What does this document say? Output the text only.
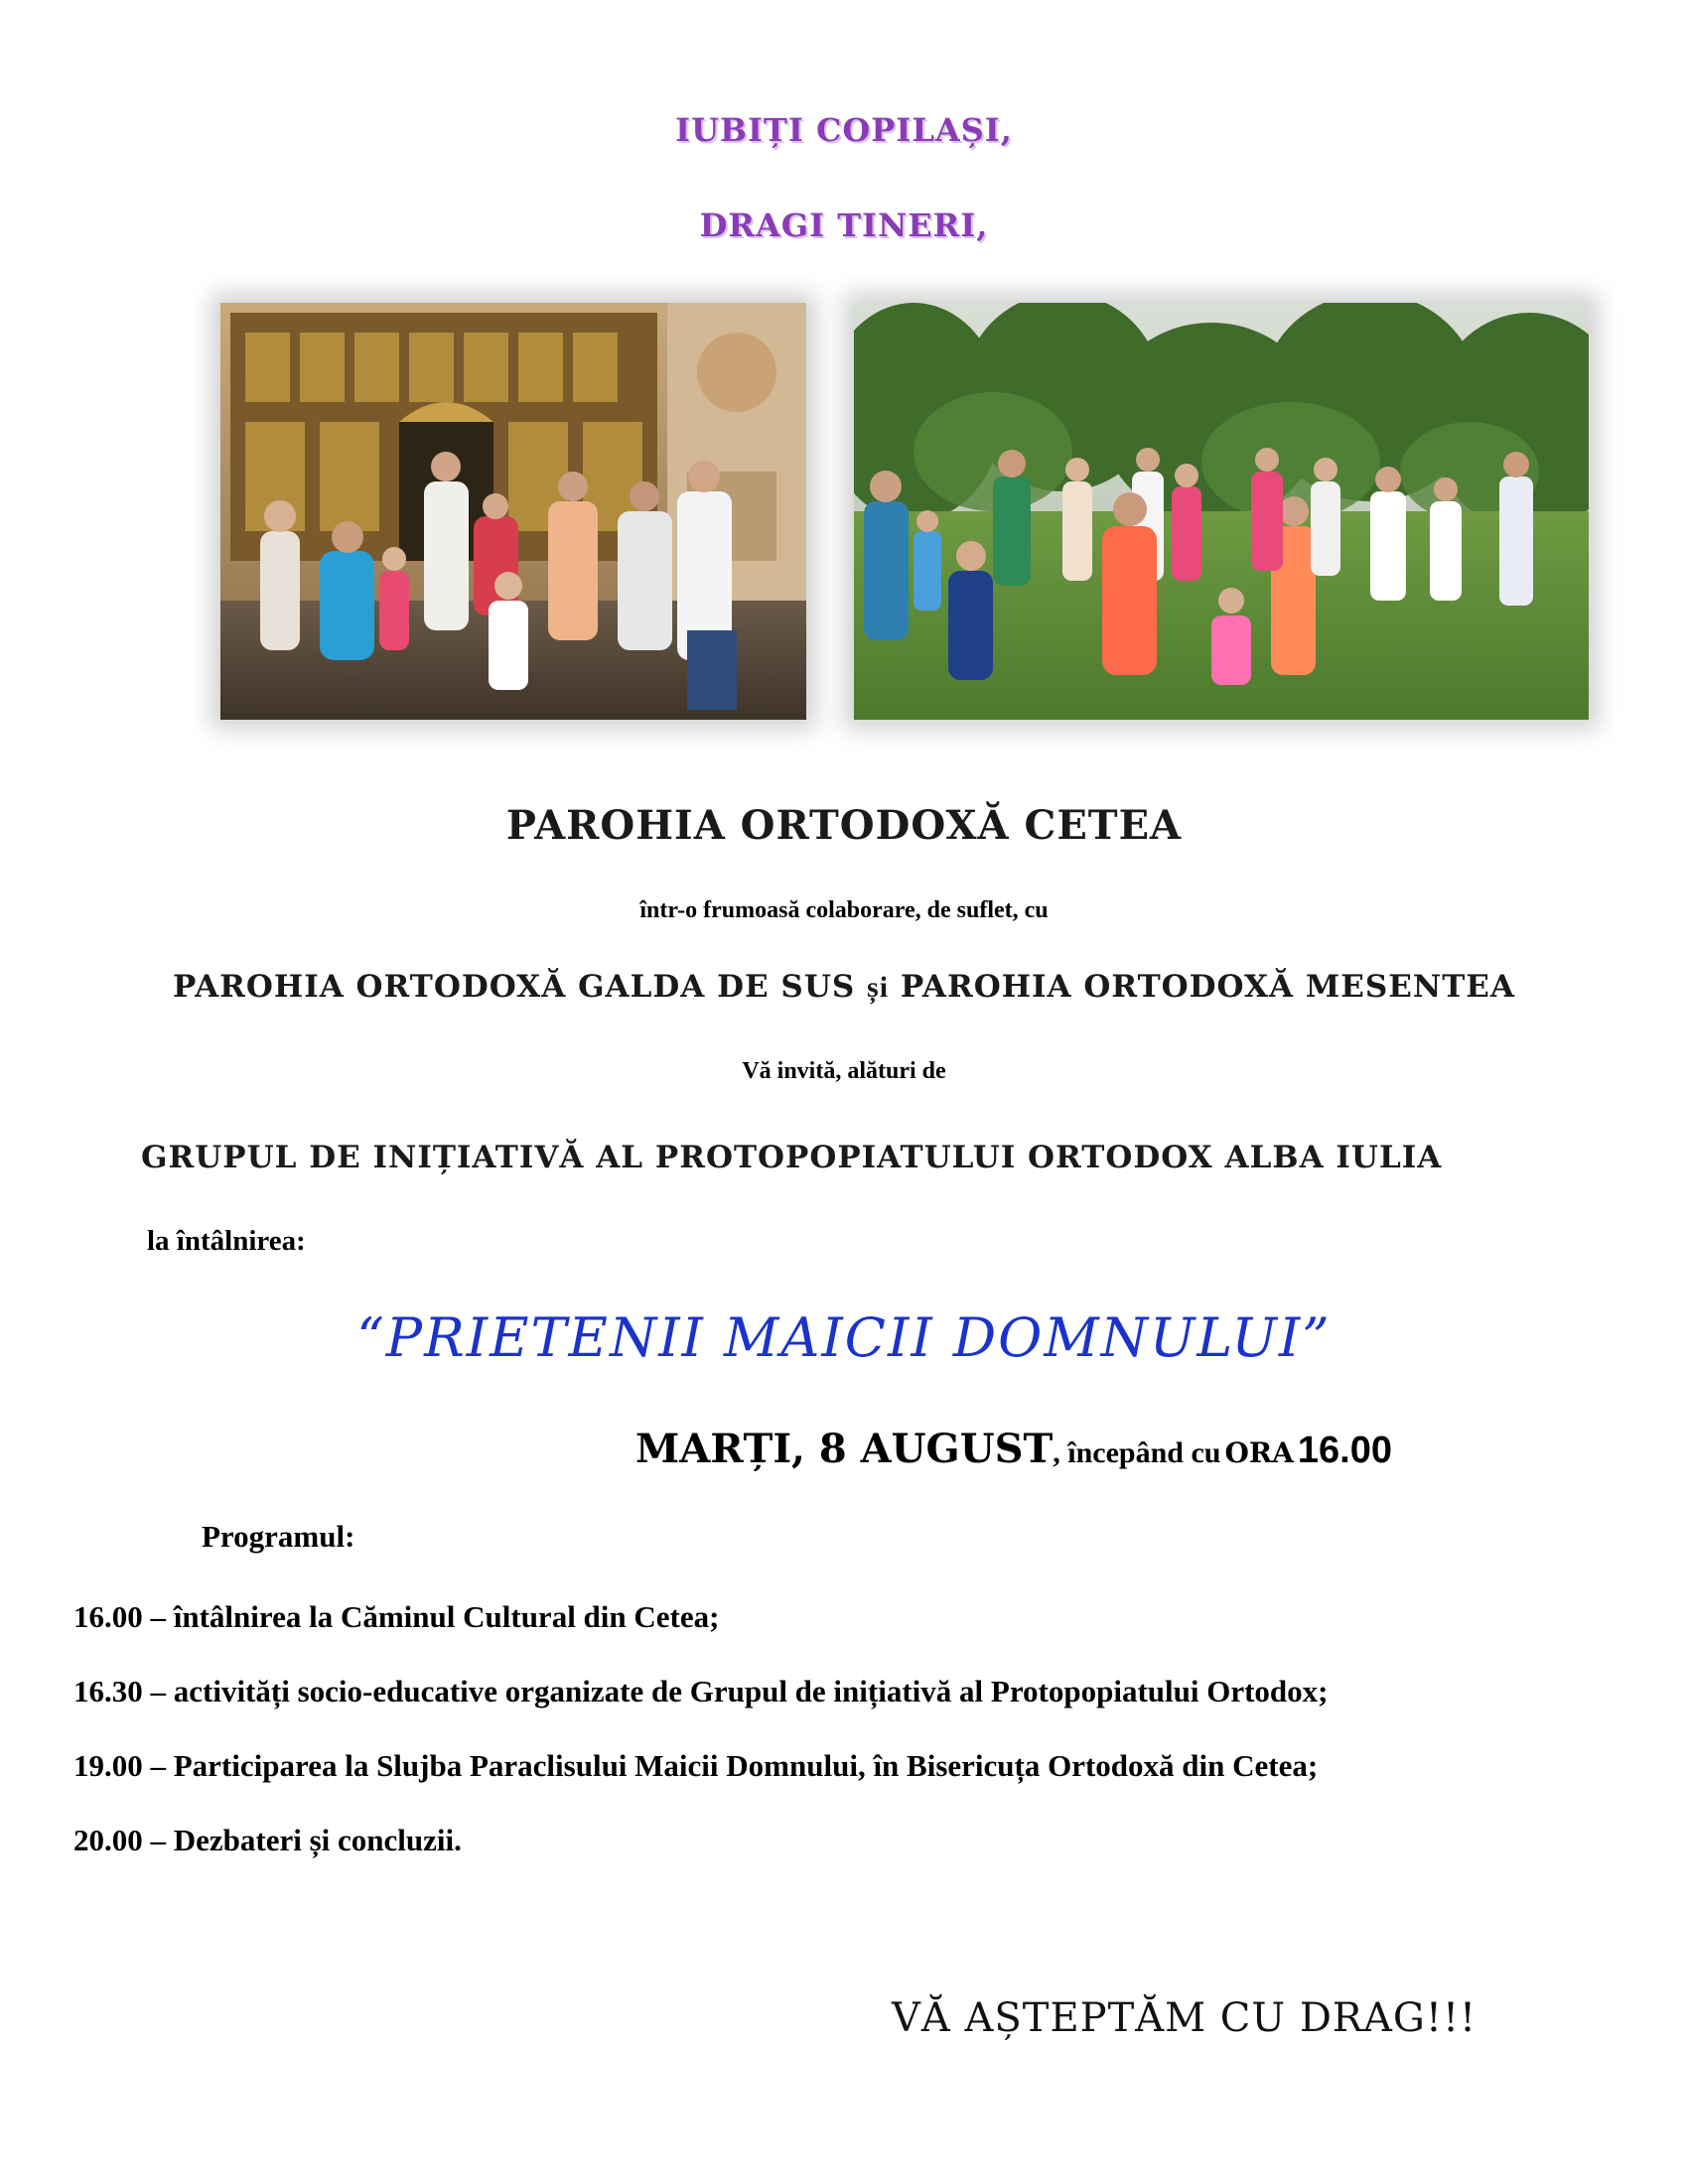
IUBIȚI COPILAȘI,
DRAGI TINERI,
PAROHIA ORTODOXĂ CETEA
într-o frumoasă colaborare, de suflet, cu
PAROHIA ORTODOXĂ GALDA DE SUS și PAROHIA ORTODOXĂ MESENTEA
Vă invită, alături de
GRUPUL DE INIȚIATIVĂ AL PROTOPOPIATULUI ORTODOX ALBA IULIA
la întâlnirea:
“PRIETENII MAICII DOMNULUI”
MARȚI, 8 AUGUST, începând cu ORA 16.00
Programul:
16.00 – întâlnirea la Căminul Cultural din Cetea;
16.30 – activități socio-educative organizate de Grupul de inițiativă al Protopopiatului Ortodox;
19.00 – Participarea la Slujba Paraclisului Maicii Domnului, în Bisericuța Ortodoxă din Cetea;
20.00 – Dezbateri și concluzii.
VĂ AȘTEPTĂM CU DRAG!!!
